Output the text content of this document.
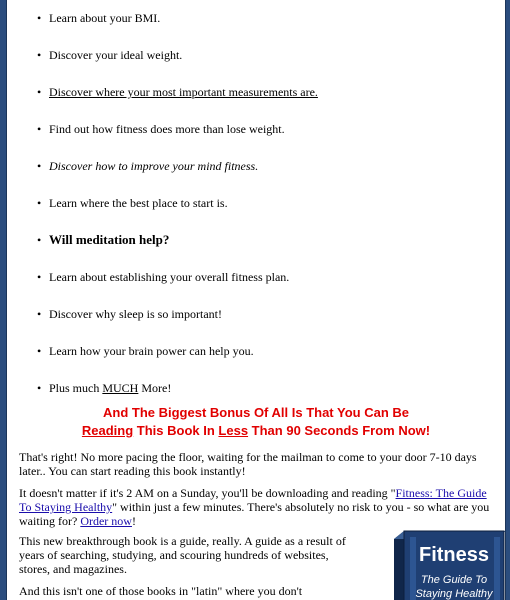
• Learn about your BMI.
• Discover your ideal weight.
• Discover where your most important measurements are.
• Find out how fitness does more than lose weight.
• Discover how to improve your mind fitness.
• Learn where the best place to start is.
• Will meditation help?
• Learn about establishing your overall fitness plan.
• Discover why sleep is so important!
• Learn how your brain power can help you.
• Plus much MUCH More!
And The Biggest Bonus Of All Is That You Can Be
Reading This Book In Less Than 90 Seconds From Now!
That's right! No more pacing the floor, waiting for the mailman to come to your door 7-10 days later.. You can start reading this book instantly!
It doesn't matter if it's 2 AM on a Sunday, you'll be downloading and reading "Fitness: The Guide To Staying Healthy" within just a few minutes. There's absolutely no risk to you - so what are you waiting for? Order now!
This new breakthrough book is a guide, really. A guide as a result of years of searching, studying, and scouring hundreds of websites, stores, and magazines.
And this isn't one of those books in "latin" where you don't
Fitness
The Guide To
Staying Healthy
